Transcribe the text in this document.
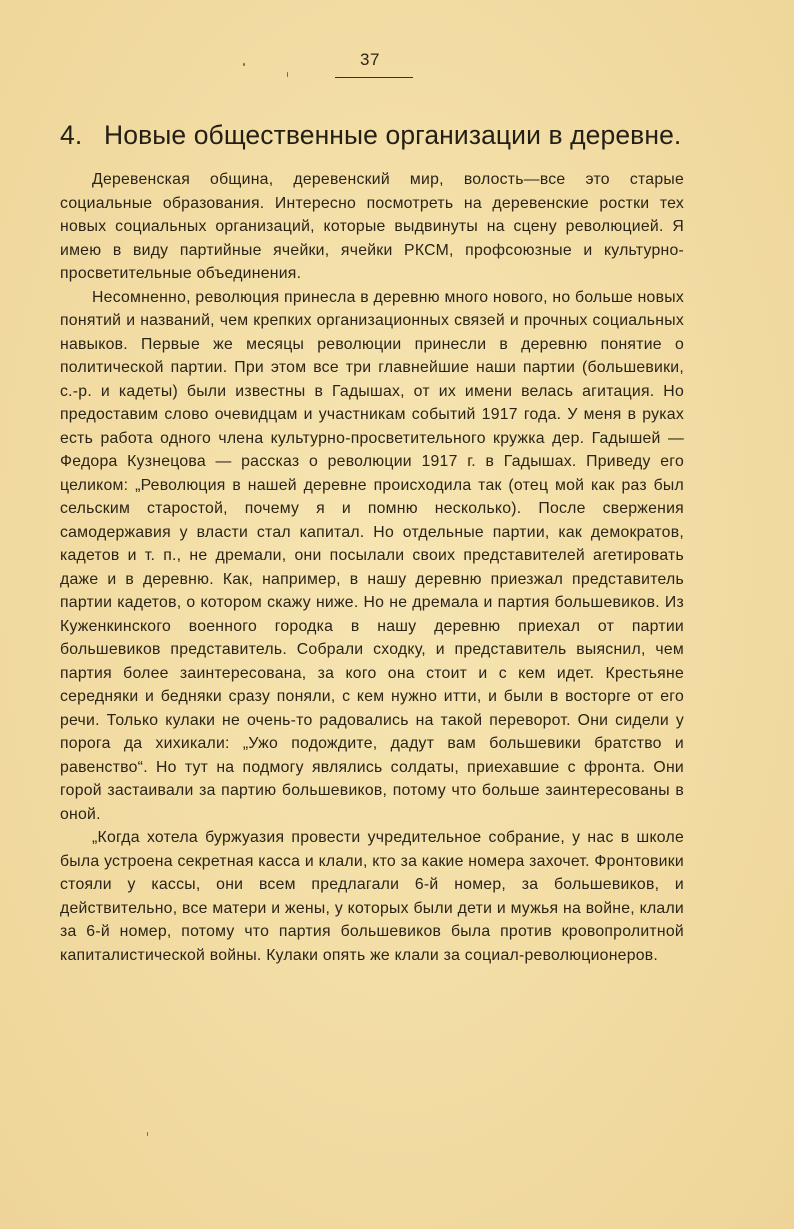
37
4. Новые общественные организации в деревне.

Деревенская община, деревенский мир, волость—все это старые социальные образования. Интересно посмотреть на деревенские ростки тех новых социальных организаций, которые выдвинуты на сцену революцией. Я имею в виду партийные ячейки, ячейки РКСМ, профсоюзные и культурно-просветительные объединения.

Несомненно, революция принесла в деревню много нового, но больше новых понятий и названий, чем крепких организационных связей и прочных социальных навыков. Первые же месяцы революции принесли в деревню понятие о политической партии. При этом все три главнейшие наши партии (большевики, с.-р. и кадеты) были известны в Гадышах, от их имени велась агитация. Но предоставим слово очевидцам и участникам событий 1917 года. У меня в руках есть работа одного члена культурно-просветительного кружка дер. Гадышей — Федора Кузнецова — рассказ о революции 1917 г. в Гадышах. Приведу его целиком: „Революция в нашей деревне происходила так (отец мой как раз был сельским старостой, почему я и помню несколько). После свержения самодержавия у власти стал капитал. Но отдельные партии, как демократов, кадетов и т. п., не дремали, они посылали своих представителей агетировать даже и в деревню. Как, например, в нашу деревню приезжал представитель партии кадетов, о котором скажу ниже. Но не дремала и партия большевиков. Из Куженкинского военного городка в нашу деревню приехал от партии большевиков представитель. Собрали сходку, и представитель выяснил, чем партия более заинтересована, за кого она стоит и с кем идет. Крестьяне середняки и бедняки сразу поняли, с кем нужно итти, и были в восторге от его речи. Только кулаки не очень-то радовались на такой переворот. Они сидели у порога да хихикали: „Ужо подождите, дадут вам большевики братство и равенство“. Но тут на подмогу являлись солдаты, приехавшие с фронта. Они горой застаивали за партию большевиков, потому что больше заинтересованы в оной.

„Когда хотела буржуазия провести учредительное собрание, у нас в школе была устроена секретная касса и клали, кто за какие номера захочет. Фронтовики стояли у кассы, они всем предлагали 6-й номер, за большевиков, и действительно, все матери и жены, у которых были дети и мужья на войне, клали за 6-й номер, потому что партия большевиков была против кровопролитной капиталистической войны. Кулаки опять же клали за социал-революционеров.
